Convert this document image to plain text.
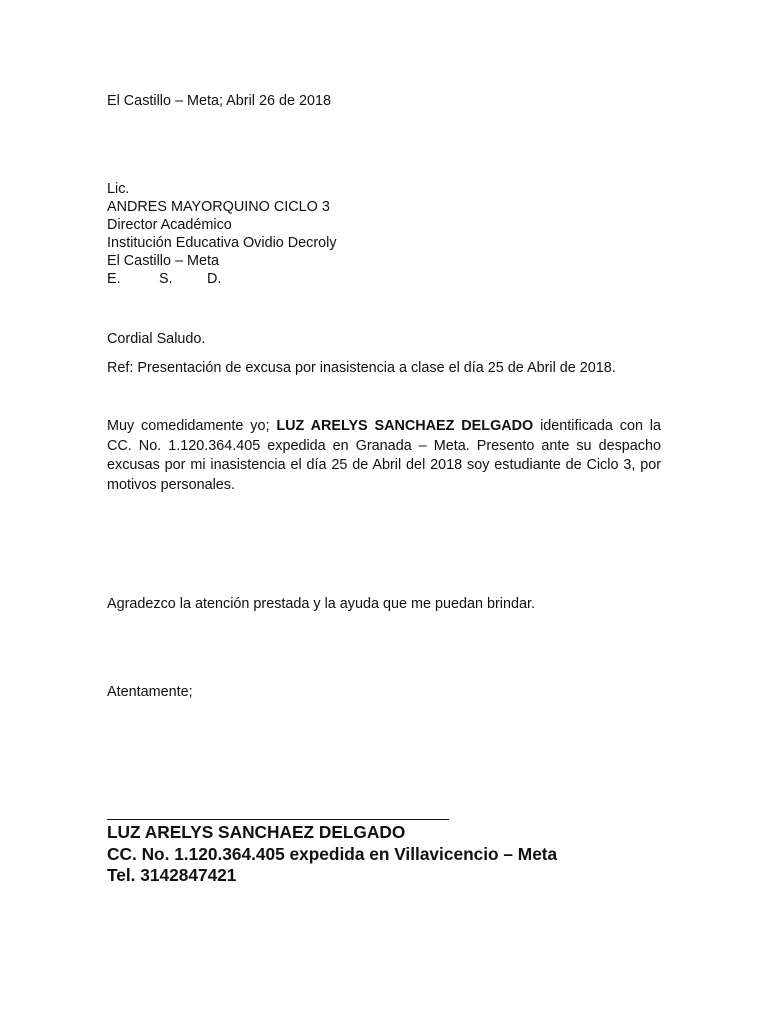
El Castillo – Meta; Abril 26 de 2018

Lic.
ANDRES MAYORQUINO CICLO 3
Director Académico
Institución Educativa Ovidio Decroly
El Castillo – Meta
E.	S. D.

Cordial Saludo.

Ref: Presentación de excusa por inasistencia a clase el día 25 de Abril de 2018.

Muy comedidamente yo; LUZ ARELYS SANCHAEZ DELGADO identificada con la CC. No. 1.120.364.405 expedida en Granada – Meta. Presento ante su despacho excusas por mi inasistencia el día 25 de Abril del 2018 soy estudiante de Ciclo 3, por motivos personales.

Agradezco la atención prestada y la ayuda que me puedan brindar.

Atentamente;

LUZ ARELYS SANCHAEZ DELGADO
CC. No. 1.120.364.405 expedida en Villavicencio – Meta
Tel. 3142847421
